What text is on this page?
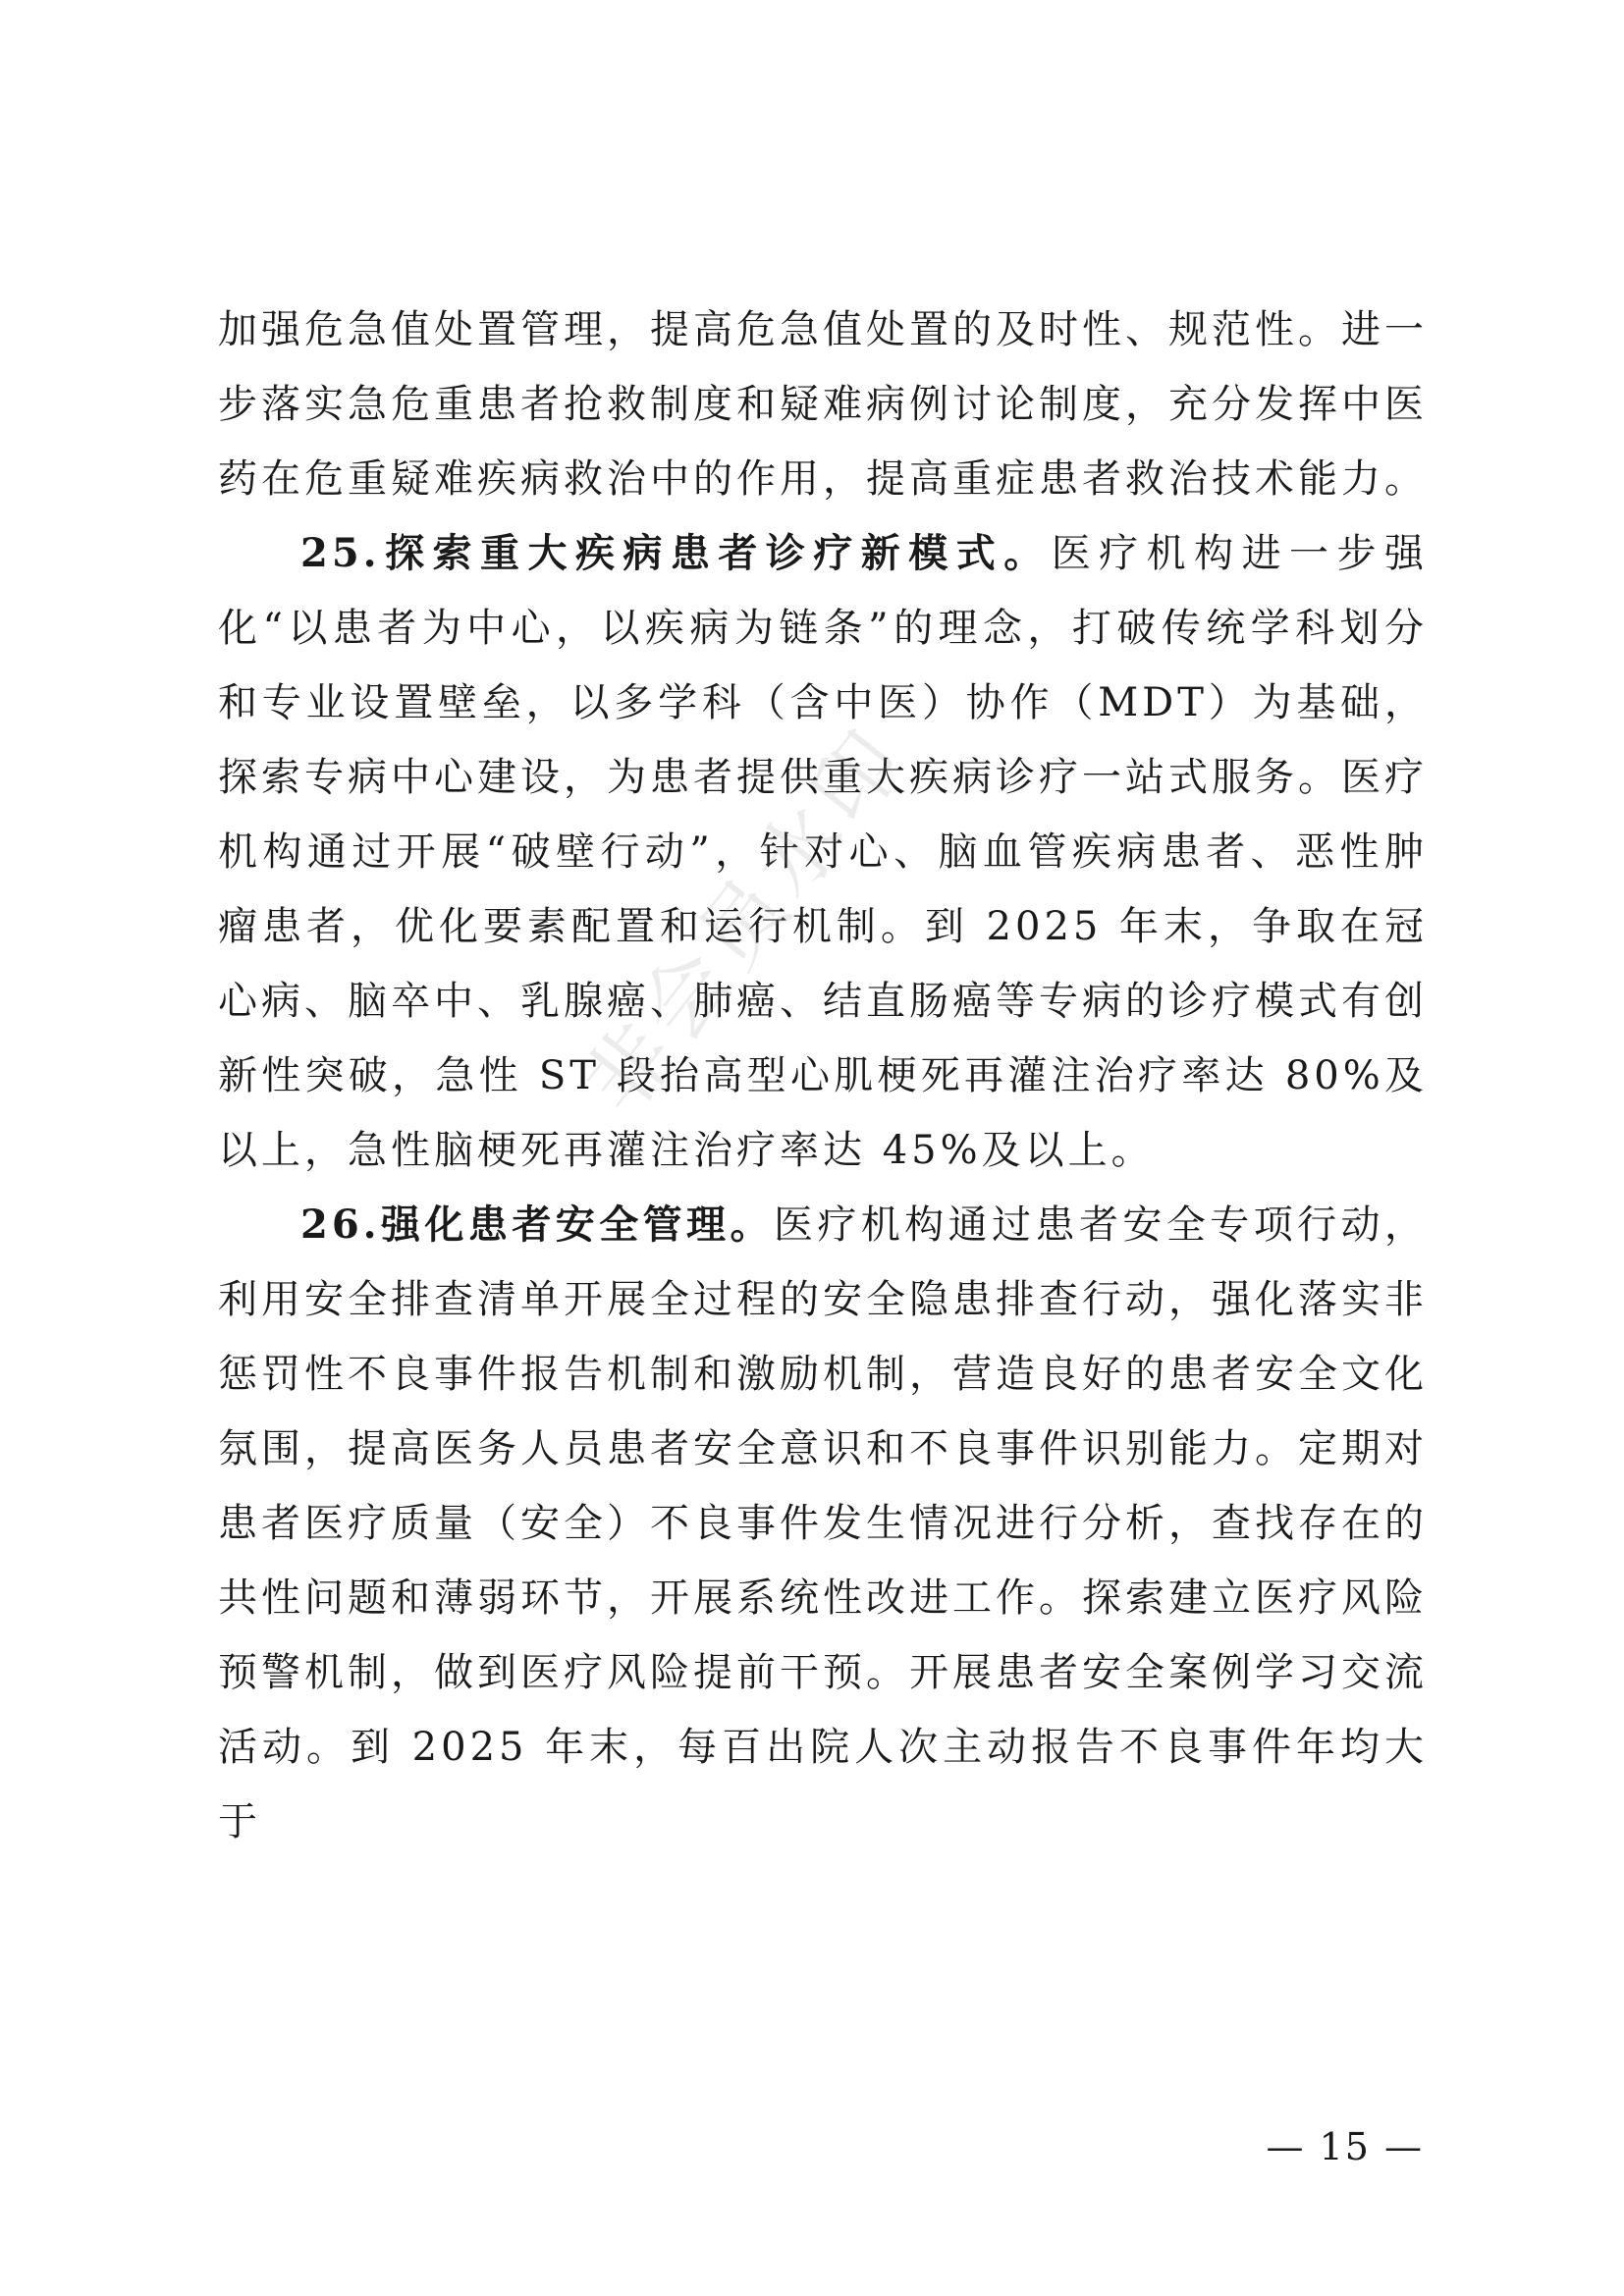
加强危急值处置管理，提高危急值处置的及时性、规范性。进一步落实急危重患者抢救制度和疑难病例讨论制度，充分发挥中医药在危重疑难疾病救治中的作用，提高重症患者救治技术能力。

25.探索重大疾病患者诊疗新模式。医疗机构进一步强化“以患者为中心，以疾病为链条”的理念，打破传统学科划分和专业设置壁垒，以多学科（含中医）协作（MDT）为基础，探索专病中心建设，为患者提供重大疾病诊疗一站式服务。医疗机构通过开展“破壁行动”，针对心、脑血管疾病患者、恶性肿瘤患者，优化要素配置和运行机制。到 2025 年末，争取在冠心病、脑卒中、乳腺癌、肺癌、结直肠癌等专病的诊疗模式有创新性突破，急性 ST 段抬高型心肌梗死再灌注治疗率达 80%及以上，急性脑梗死再灌注治疗率达 45%及以上。

26.强化患者安全管理。医疗机构通过患者安全专项行动，利用安全排查清单开展全过程的安全隐患排查行动，强化落实非惩罚性不良事件报告机制和激励机制，营造良好的患者安全文化氛围，提高医务人员患者安全意识和不良事件识别能力。定期对患者医疗质量（安全）不良事件发生情况进行分析，查找存在的共性问题和薄弱环节，开展系统性改进工作。探索建立医疗风险预警机制，做到医疗风险提前干预。开展患者安全案例学习交流活动。到 2025 年末，每百出院人次主动报告不良事件年均大于

非会员水印
— 15 —
